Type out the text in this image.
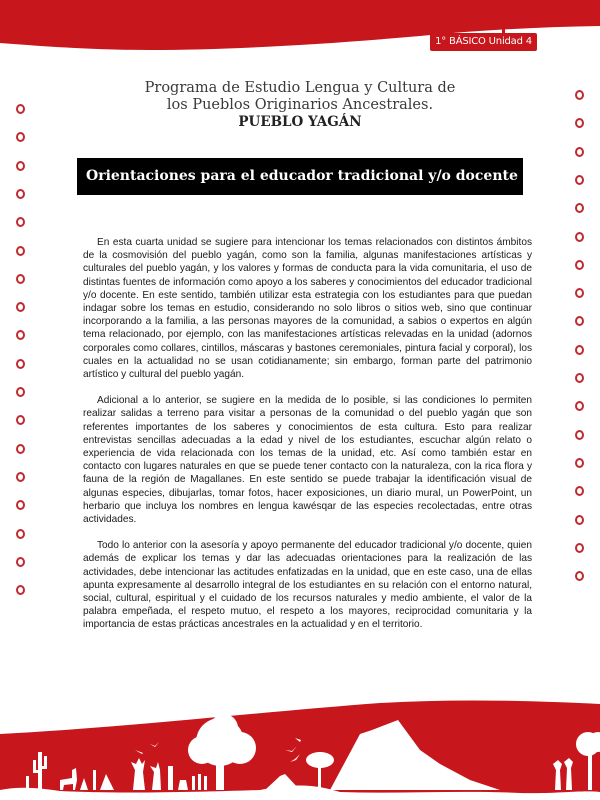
1° BÁSICO Unidad 4
Programa de Estudio Lengua y Cultura de
los Pueblos Originarios Ancestrales.
PUEBLO YAGÁN
Orientaciones para el educador tradicional y/o docente

En esta cuarta unidad se sugiere para intencionar los temas relacionados con distintos ámbitos de la cosmovisión del pueblo yagán, como son la familia, algunas manifestaciones artísticas y culturales del pueblo yagán, y los valores y formas de conducta para la vida comunitaria, el uso de distintas fuentes de información como apoyo a los saberes y conocimientos del educador tradicional y/o docente. En este sentido, también utilizar esta estrategia con los estudiantes para que puedan indagar sobre los temas en estudio, considerando no solo libros o sitios web, sino que continuar incorporando a la familia, a las personas mayores de la comunidad, a sabios o expertos en algún tema relacionado, por ejemplo, con las manifestaciones artísticas relevadas en la unidad (adornos corporales como collares, cintillos, máscaras y bastones ceremoniales, pintura facial y corporal), los cuales en la actualidad no se usan cotidianamente; sin embargo, forman parte del patrimonio artístico y cultural del pueblo yagán.

Adicional a lo anterior, se sugiere en la medida de lo posible, si las condiciones lo permiten realizar salidas a terreno para visitar a personas de la comunidad o del pueblo yagán que son referentes importantes de los saberes y conocimientos de esta cultura. Esto para realizar entrevistas sencillas adecuadas a la edad y nivel de los estudiantes, escuchar algún relato o experiencia de vida relacionada con los temas de la unidad, etc. Así como también estar en contacto con lugares naturales en que se puede tener contacto con la naturaleza, con la rica flora y fauna de la región de Magallanes. En este sentido se puede trabajar la identificación visual de algunas especies, dibujarlas, tomar fotos, hacer exposiciones, un diario mural, un PowerPoint, un herbario que incluya los nombres en lengua kawésqar de las especies recolectadas, entre otras actividades.

Todo lo anterior con la asesoría y apoyo permanente del educador tradicional y/o docente, quien además de explicar los temas y dar las adecuadas orientaciones para la realización de las actividades, debe intencionar las actitudes enfatizadas en la unidad, que en este caso, una de ellas apunta expresamente al desarrollo integral de los estudiantes en su relación con el entorno natural, social, cultural, espiritual y el cuidado de los recursos naturales y medio ambiente, el valor de la palabra empeñada, el respeto mutuo, el respeto a los mayores, reciprocidad comunitaria y la importancia de estas prácticas ancestrales en la actualidad y en el territorio.
